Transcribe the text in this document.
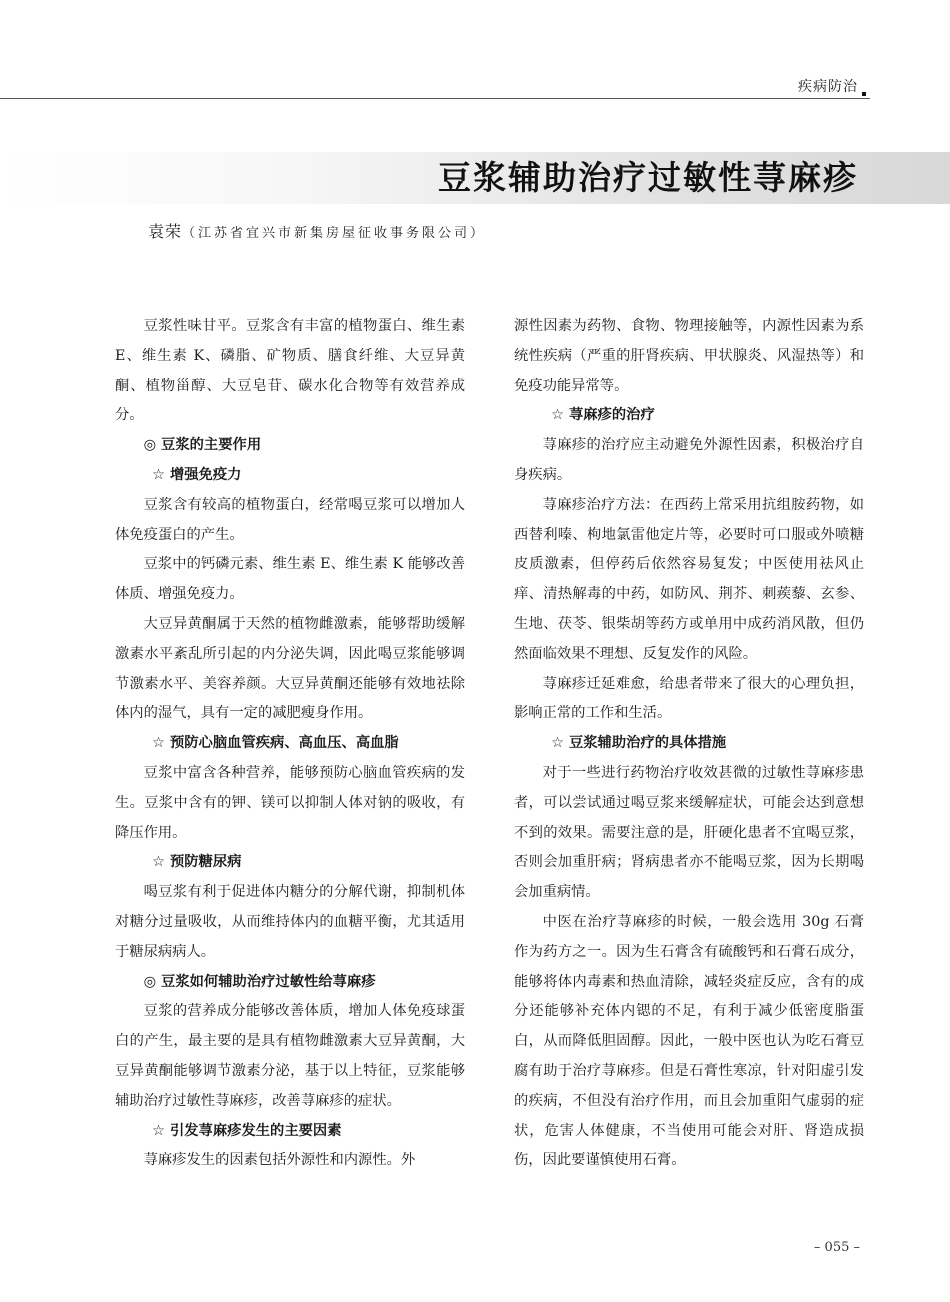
疾病防治
豆浆辅助治疗过敏性荨麻疹
袁荣（江苏省宜兴市新集房屋征收事务限公司）

豆浆性味甘平。豆浆含有丰富的植物蛋白、维生素 E、维生素 K、磷脂、矿物质、膳食纤维、大豆异黄酮、植物甾醇、大豆皂苷、碳水化合物等有效营养成分。

◎ 豆浆的主要作用
☆ 增强免疫力

豆浆含有较高的植物蛋白，经常喝豆浆可以增加人体免疫蛋白的产生。

豆浆中的钙磷元素、维生素 E、维生素 K 能够改善体质、增强免疫力。

大豆异黄酮属于天然的植物雌激素，能够帮助缓解激素水平紊乱所引起的内分泌失调，因此喝豆浆能够调节激素水平、美容养颜。大豆异黄酮还能够有效地祛除体内的湿气，具有一定的减肥瘦身作用。

☆ 预防心脑血管疾病、高血压、高血脂

豆浆中富含各种营养，能够预防心脑血管疾病的发生。豆浆中含有的钾、镁可以抑制人体对钠的吸收，有降压作用。

☆ 预防糖尿病

喝豆浆有利于促进体内糖分的分解代谢，抑制机体对糖分过量吸收，从而维持体内的血糖平衡，尤其适用于糖尿病病人。

◎ 豆浆如何辅助治疗过敏性给荨麻疹

豆浆的营养成分能够改善体质，增加人体免疫球蛋白的产生，最主要的是具有植物雌激素大豆异黄酮，大豆异黄酮能够调节激素分泌，基于以上特征，豆浆能够辅助治疗过敏性荨麻疹，改善荨麻疹的症状。

☆ 引发荨麻疹发生的主要因素

荨麻疹发生的因素包括外源性和内源性。外

源性因素为药物、食物、物理接触等，内源性因素为系统性疾病（严重的肝肾疾病、甲状腺炎、风湿热等）和免疫功能异常等。

☆ 荨麻疹的治疗

荨麻疹的治疗应主动避免外源性因素，积极治疗自身疾病。

荨麻疹治疗方法：在西药上常采用抗组胺药物，如西替利嗪、枸地氯雷他定片等，必要时可口服或外喷糖皮质激素，但停药后依然容易复发；中医使用祛风止痒、清热解毒的中药，如防风、荆芥、刺蒺藜、玄参、生地、茯苓、银柴胡等药方或单用中成药消风散，但仍然面临效果不理想、反复发作的风险。

荨麻疹迁延难愈，给患者带来了很大的心理负担，影响正常的工作和生活。

☆ 豆浆辅助治疗的具体措施

对于一些进行药物治疗收效甚微的过敏性荨麻疹患者，可以尝试通过喝豆浆来缓解症状，可能会达到意想不到的效果。需要注意的是，肝硬化患者不宜喝豆浆，否则会加重肝病；肾病患者亦不能喝豆浆，因为长期喝会加重病情。

中医在治疗荨麻疹的时候，一般会选用 30g 石膏作为药方之一。因为生石膏含有硫酸钙和石膏石成分，能够将体内毒素和热血清除，减轻炎症反应，含有的成分还能够补充体内锶的不足，有利于减少低密度脂蛋白，从而降低胆固醇。因此，一般中医也认为吃石膏豆腐有助于治疗荨麻疹。但是石膏性寒凉，针对阳虚引发的疾病，不但没有治疗作用，而且会加重阳气虚弱的症状，危害人体健康，不当使用可能会对肝、肾造成损伤，因此要谨慎使用石膏。

– 055 –
